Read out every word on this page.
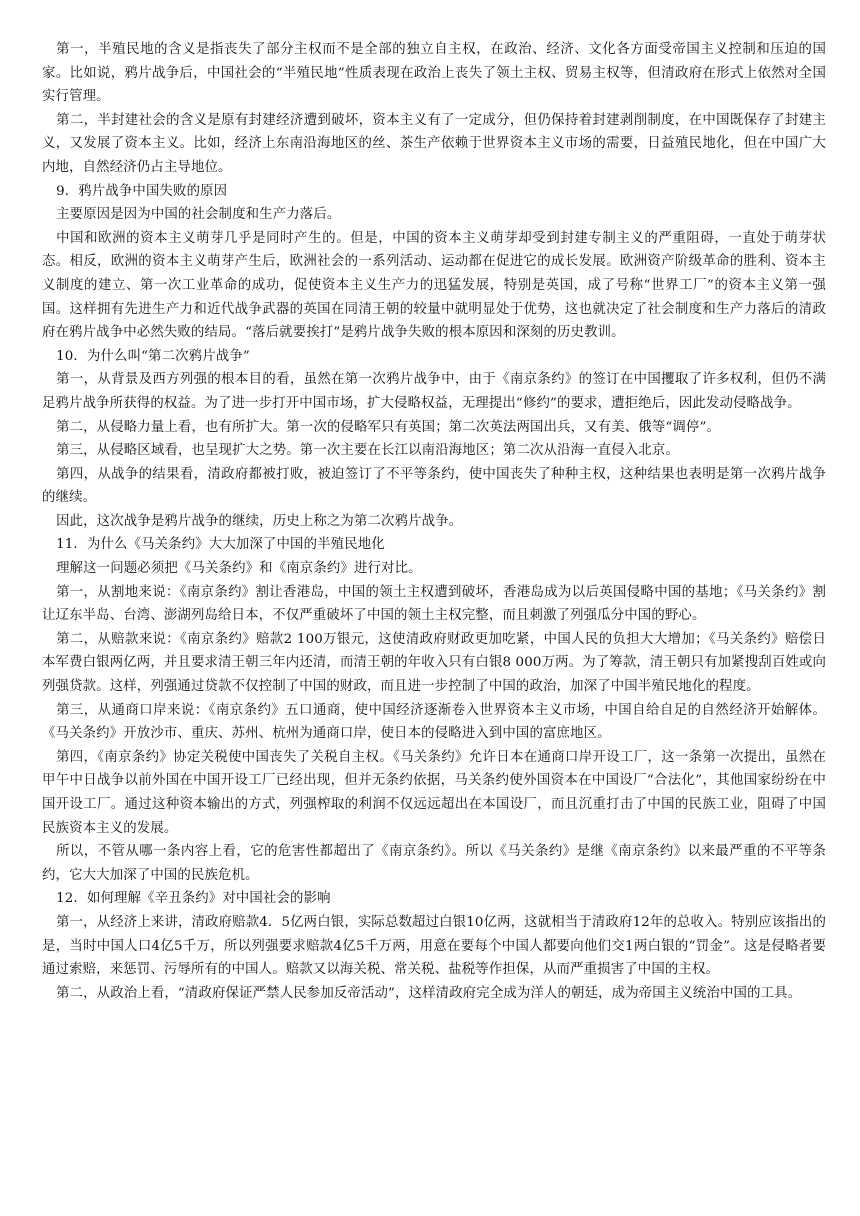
第一，半殖民地的含义是指丧失了部分主权而不是全部的独立自主权，在政治、经济、文化各方面受帝国主义控制和压迫的国家。比如说，鸦片战争后，中国社会的“半殖民地”性质表现在政治上丧失了领土主权、贸易主权等，但清政府在形式上依然对全国实行管理。

第二，半封建社会的含义是原有封建经济遭到破坏，资本主义有了一定成分，但仍保持着封建剥削制度，在中国既保存了封建主义，又发展了资本主义。比如，经济上东南沿海地区的丝、茶生产依赖于世界资本主义市场的需要，日益殖民地化，但在中国广大内地，自然经济仍占主导地位。

9．鸦片战争中国失败的原因

主要原因是因为中国的社会制度和生产力落后。

中国和欧洲的资本主义萌芽几乎是同时产生的。但是，中国的资本主义萌芽却受到封建专制主义的严重阻碍，一直处于萌芽状态。相反，欧洲的资本主义萌芽产生后，欧洲社会的一系列活动、运动都在促进它的成长发展。欧洲资产阶级革命的胜利、资本主义制度的建立、第一次工业革命的成功，促使资本主义生产力的迅猛发展，特别是英国，成了号称“世界工厂”的资本主义第一强国。这样拥有先进生产力和近代战争武器的英国在同清王朝的较量中就明显处于优势，这也就决定了社会制度和生产力落后的清政府在鸦片战争中必然失败的结局。“落后就要挨打”是鸦片战争失败的根本原因和深刻的历史教训。

10．为什么叫“第二次鸦片战争”

第一，从背景及西方列强的根本目的看，虽然在第一次鸦片战争中，由于《南京条约》的签订在中国攫取了许多权利，但仍不满足鸦片战争所获得的权益。为了进一步打开中国市场，扩大侵略权益，无理提出“修约”的要求，遭拒绝后，因此发动侵略战争。

第二，从侵略力量上看，也有所扩大。第一次的侵略军只有英国；第二次英法两国出兵，又有美、俄等“调停”。

第三，从侵略区域看，也呈现扩大之势。第一次主要在长江以南沿海地区；第二次从沿海一直侵入北京。

第四，从战争的结果看，清政府都被打败，被迫签订了不平等条约，使中国丧失了种种主权，这种结果也表明是第一次鸦片战争的继续。

因此，这次战争是鸦片战争的继续，历史上称之为第二次鸦片战争。

11．为什么《马关条约》大大加深了中国的半殖民地化

理解这一问题必须把《马关条约》和《南京条约》进行对比。

第一，从割地来说：《南京条约》割让香港岛，中国的领土主权遭到破坏，香港岛成为以后英国侵略中国的基地；《马关条约》割让辽东半岛、台湾、澎湖列岛给日本，不仅严重破坏了中国的领土主权完整，而且刺激了列强瓜分中国的野心。

第二，从赔款来说：《南京条约》赔款2 100万银元，这使清政府财政更加吃紧，中国人民的负担大大增加；《马关条约》赔偿日本军费白银两亿两，并且要求清王朝三年内还清，而清王朝的年收入只有白银8 000万两。为了筹款，清王朝只有加紧搜刮百姓或向列强贷款。这样，列强通过贷款不仅控制了中国的财政，而且进一步控制了中国的政治，加深了中国半殖民地化的程度。

第三，从通商口岸来说：《南京条约》五口通商，使中国经济逐渐卷入世界资本主义市场，中国自给自足的自然经济开始解体。《马关条约》开放沙市、重庆、苏州、杭州为通商口岸，使日本的侵略进入到中国的富庶地区。

第四，《南京条约》协定关税使中国丧失了关税自主权。《马关条约》允许日本在通商口岸开设工厂，这一条第一次提出，虽然在甲午中日战争以前外国在中国开设工厂已经出现，但并无条约依据，马关条约使外国资本在中国设厂“合法化”，其他国家纷纷在中国开设工厂。通过这种资本输出的方式，列强榨取的利润不仅远远超出在本国设厂，而且沉重打击了中国的民族工业，阻碍了中国民族资本主义的发展。

所以，不管从哪一条内容上看，它的危害性都超出了《南京条约》。所以《马关条约》是继《南京条约》以来最严重的不平等条约，它大大加深了中国的民族危机。

12．如何理解《辛丑条约》对中国社会的影响

第一，从经济上来讲，清政府赔款4．5亿两白银，实际总数超过白银10亿两，这就相当于清政府12年的总收入。特别应该指出的是，当时中国人口4亿5千万，所以列强要求赔款4亿5千万两，用意在要每个中国人都要向他们交1两白银的“罚金”。这是侵略者要通过索赔，来惩罚、污辱所有的中国人。赔款又以海关税、常关税、盐税等作担保，从而严重损害了中国的主权。

第二，从政治上看，“清政府保证严禁人民参加反帝活动”，这样清政府完全成为洋人的朝廷，成为帝国主义统治中国的工具。
